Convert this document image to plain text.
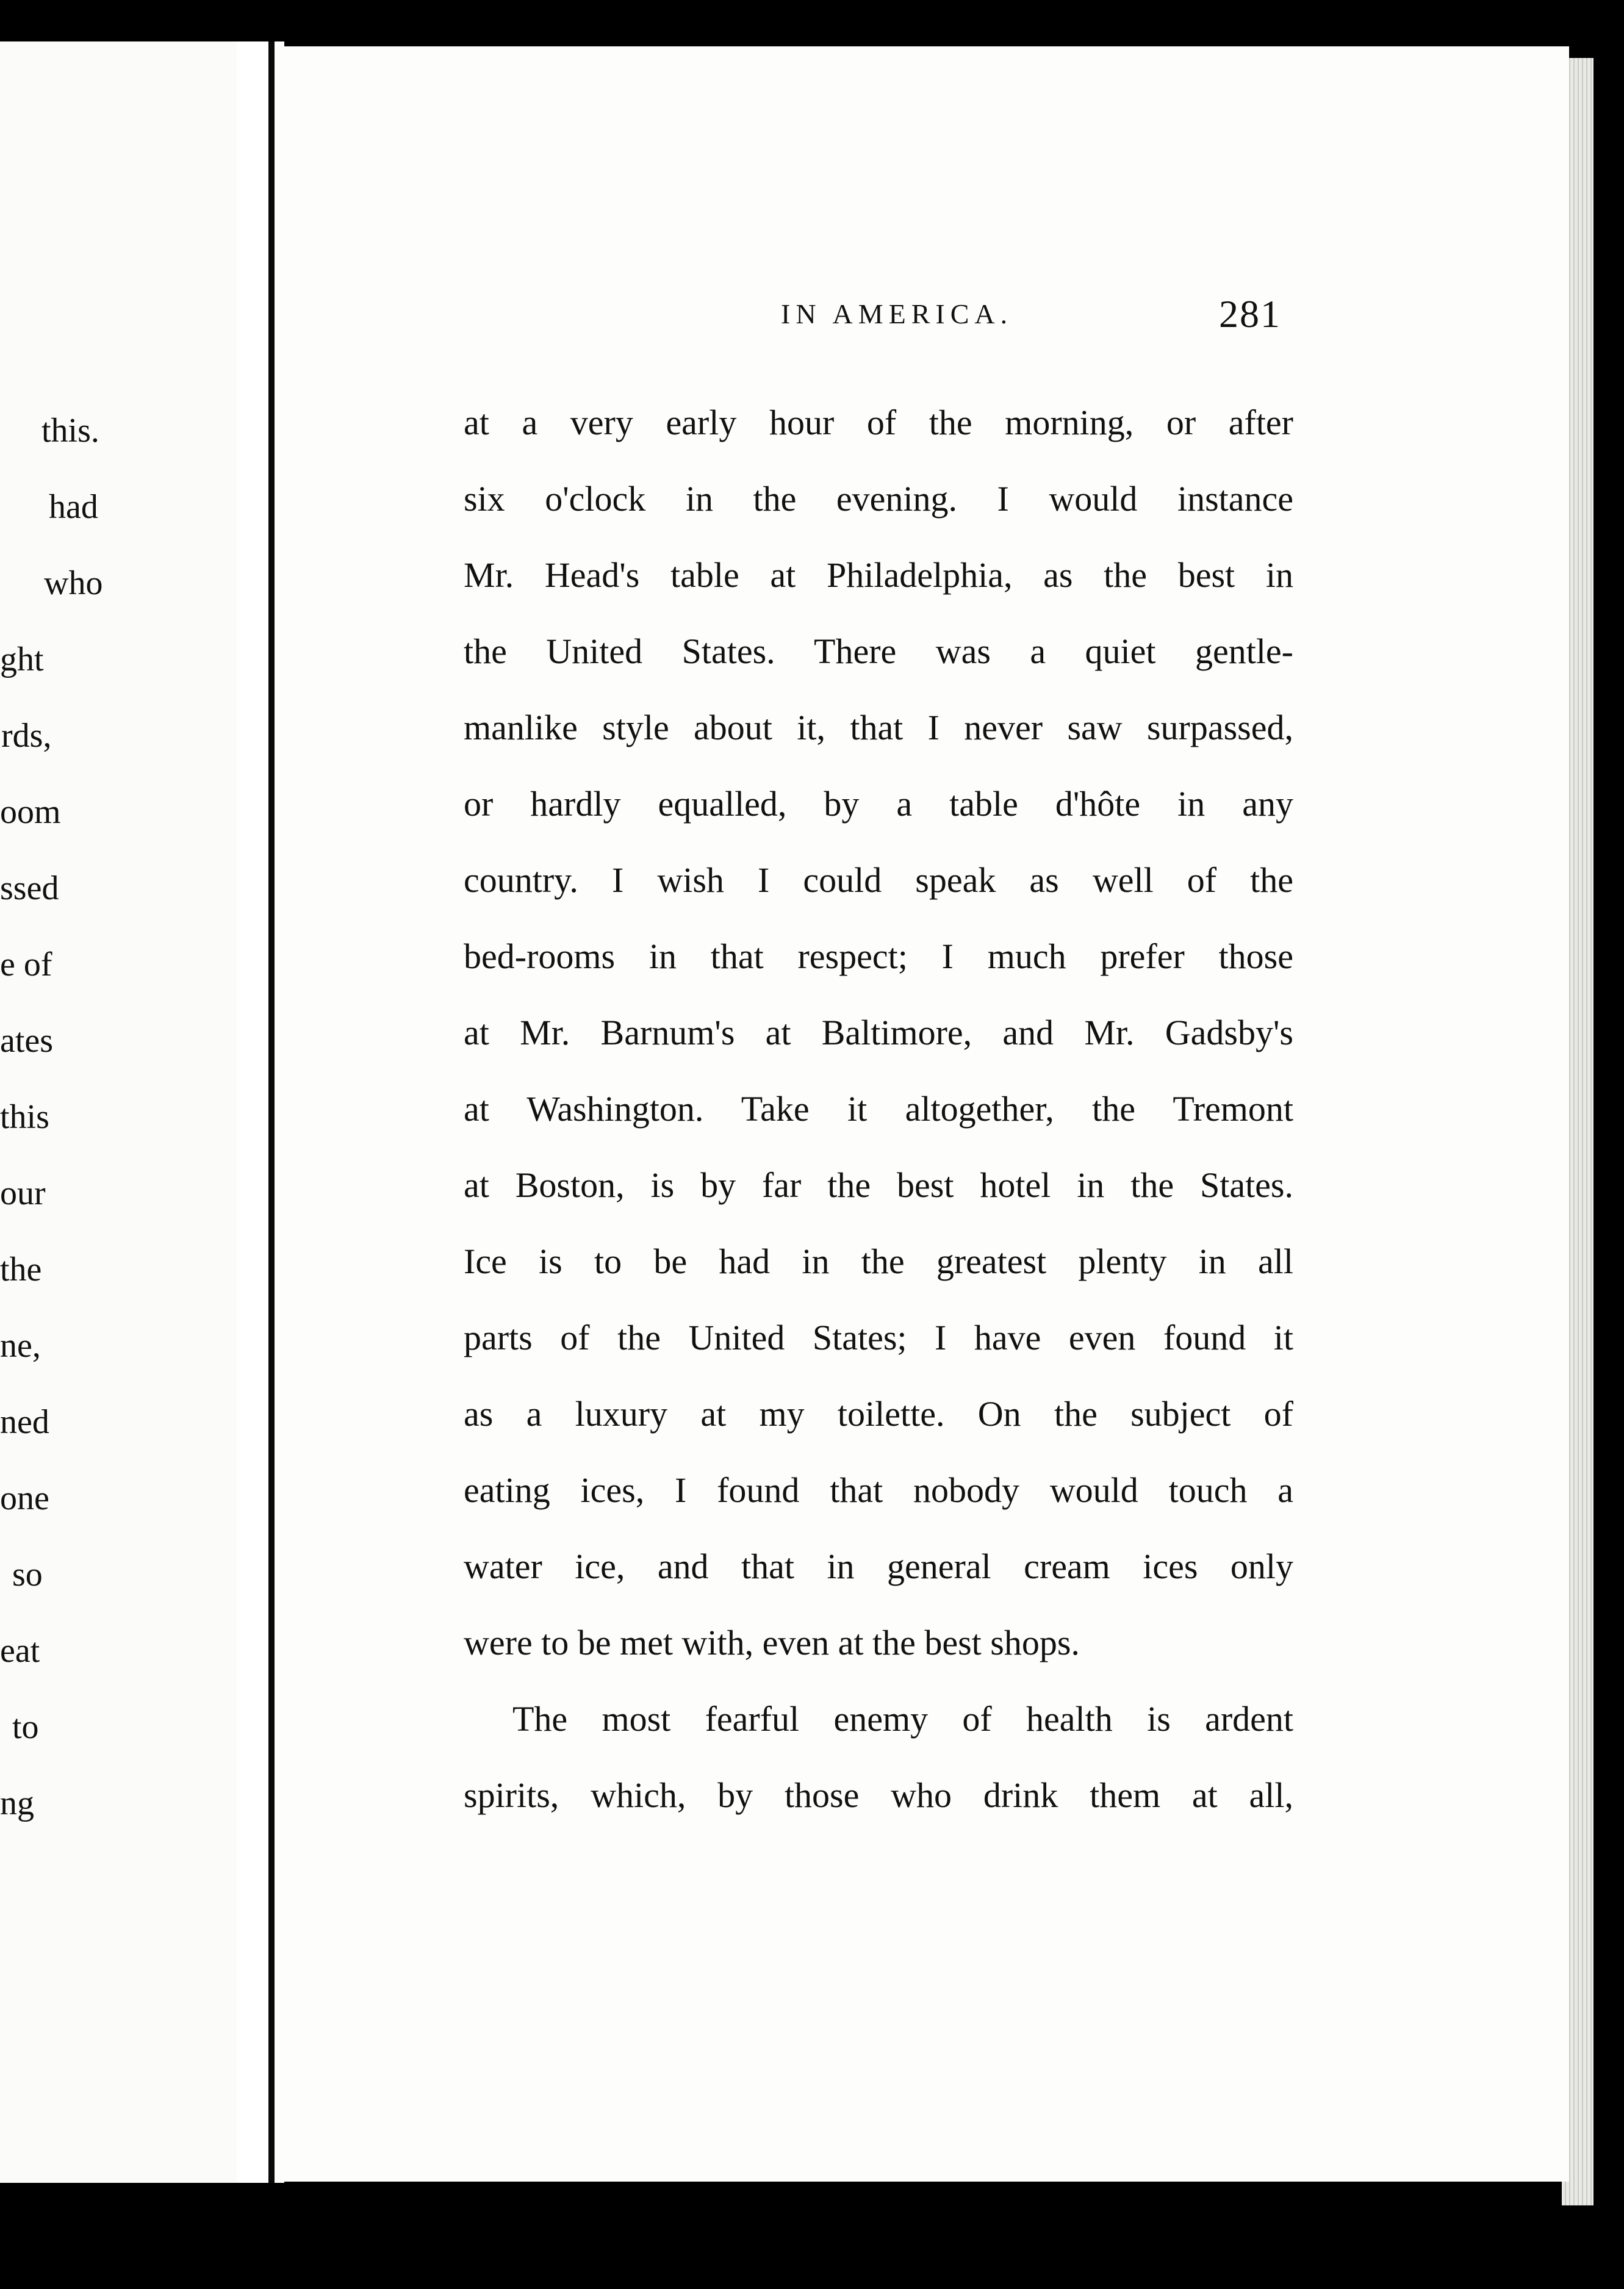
this.
had
who
ght
rds,
oom
ssed
e of
ates
this
our
the
ne,
ned
one
so
eat
to
ng
IN AMERICA.	281
at a very early hour of the morning, or after
six o'clock in the evening. I would instance
Mr. Head's table at Philadelphia, as the best in
the United States. There was a quiet gentle-
manlike style about it, that I never saw surpassed,
or hardly equalled, by a table d'hôte in any
country. I wish I could speak as well of the
bed-rooms in that respect; I much prefer those
at Mr. Barnum's at Baltimore, and Mr. Gadsby's
at Washington. Take it altogether, the Tremont
at Boston, is by far the best hotel in the States.
Ice is to be had in the greatest plenty in all
parts of the United States; I have even found it
as a luxury at my toilette. On the subject of
eating ices, I found that nobody would touch a
water ice, and that in general cream ices only
were to be met with, even at the best shops.
The most fearful enemy of health is ardent
spirits, which, by those who drink them at all,
